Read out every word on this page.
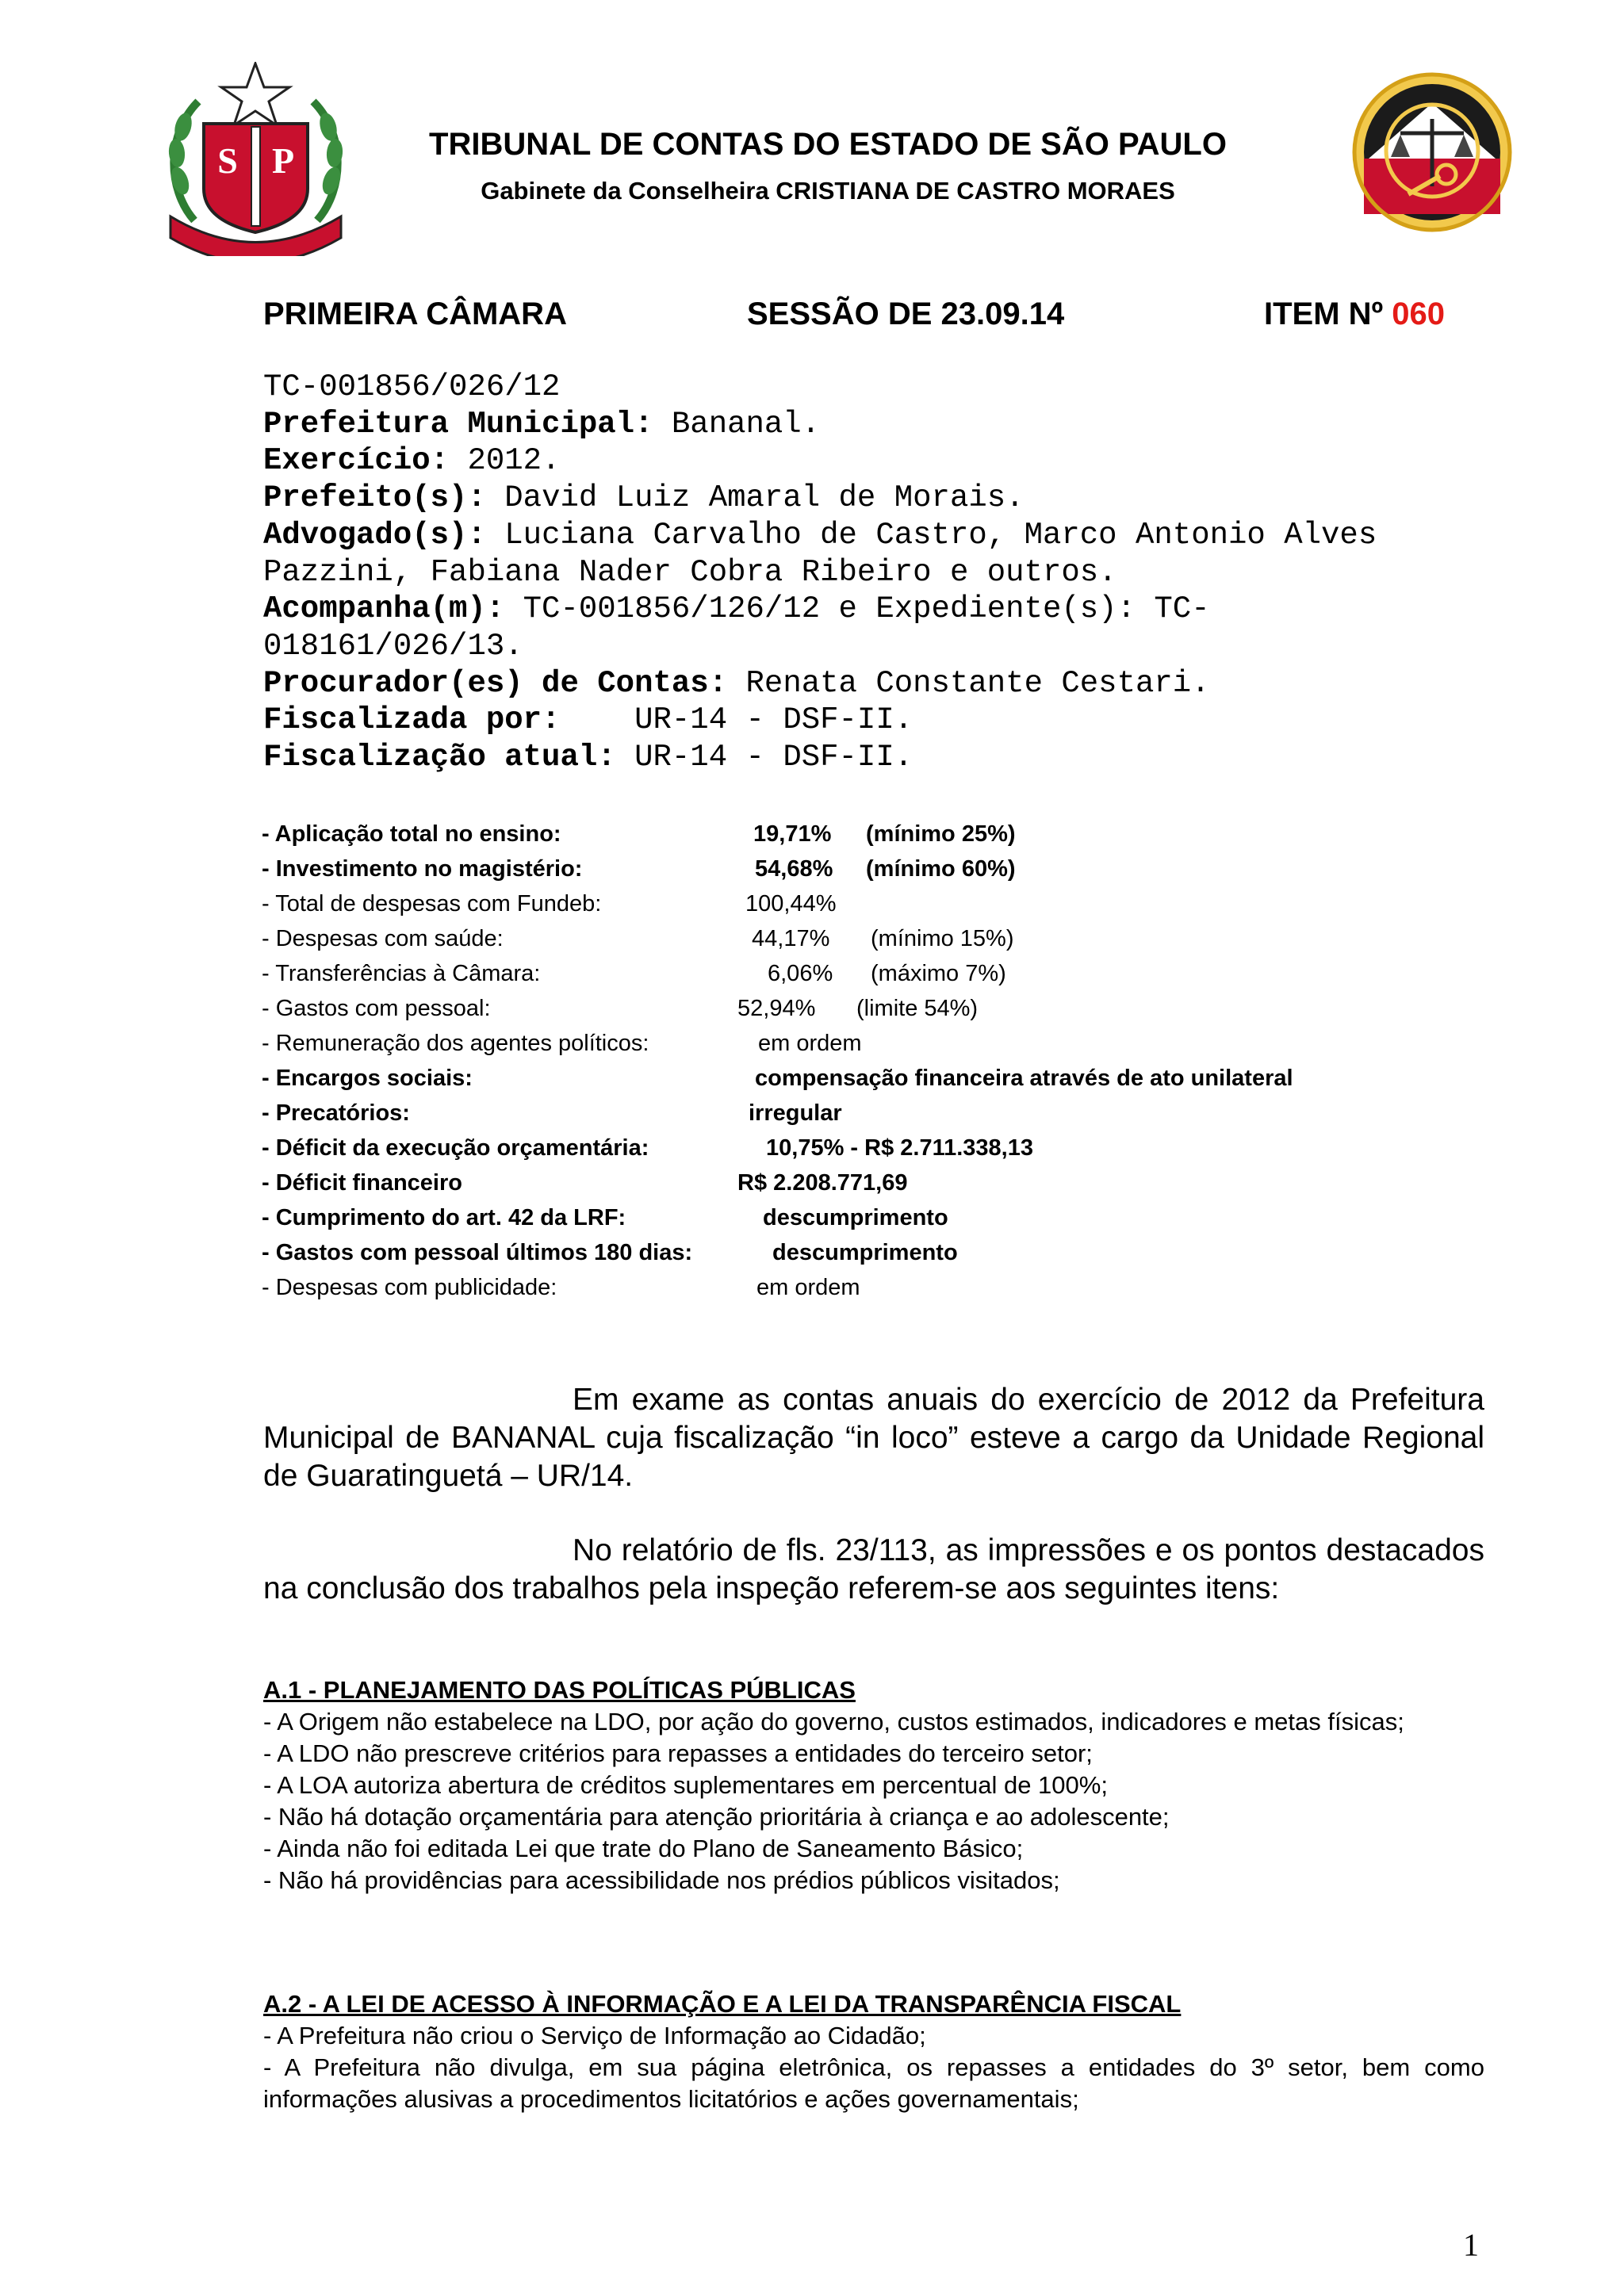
S P	TRIBUNAL DE CONTAS DO ESTADO DE SÃO PAULO
Gabinete da Conselheira CRISTIANA DE CASTRO MORAES
PRIMEIRA CÂMARA	SESSÃO DE 23.09.14	ITEM Nº 060
TC-001856/026/12
Prefeitura Municipal: Bananal.
Exercício: 2012.
Prefeito(s): David Luiz Amaral de Morais.
Advogado(s): Luciana Carvalho de Castro, Marco Antonio Alves
Pazzini, Fabiana Nader Cobra Ribeiro e outros.
Acompanha(m): TC-001856/126/12 e Expediente(s): TC-
018161/026/13.
Procurador(es) de Contas: Renata Constante Cestari.
Fiscalizada por:    UR-14 - DSF-II.
Fiscalização atual: UR-14 - DSF-II.
- Aplicação total no ensino:	19,71% (mínimo 25%)
- Investimento no magistério:	54,68% (mínimo 60%)
- Total de despesas com Fundeb:	100,44%
- Despesas com saúde:	44,17% (mínimo 15%)
- Transferências à Câmara:	6,06% (máximo 7%)
- Gastos com pessoal:	52,94% (limite 54%)
- Remuneração dos agentes políticos:	em ordem
- Encargos sociais:	compensação financeira através de ato unilateral
- Precatórios:	irregular
- Déficit da execução orçamentária:	10,75% - R$ 2.711.338,13
- Déficit financeiro	R$ 2.208.771,69
- Cumprimento do art. 42 da LRF:	descumprimento
- Gastos com pessoal últimos 180 dias:	descumprimento
- Despesas com publicidade:	em ordem
Em exame as contas anuais do exercício de 2012 da Prefeitura Municipal de BANANAL cuja fiscalização “in loco” esteve a cargo da Unidade Regional de Guaratinguetá – UR/14.
No relatório de fls. 23/113, as impressões e os pontos destacados na conclusão dos trabalhos pela inspeção referem-se aos seguintes itens:
A.1 - PLANEJAMENTO DAS POLÍTICAS PÚBLICAS
- A Origem não estabelece na LDO, por ação do governo, custos estimados, indicadores e metas físicas;
- A LDO não prescreve critérios para repasses a entidades do terceiro setor;
- A LOA autoriza abertura de créditos suplementares em percentual de 100%;
- Não há dotação orçamentária para atenção prioritária à criança e ao adolescente;
- Ainda não foi editada Lei que trate do Plano de Saneamento Básico;
- Não há providências para acessibilidade nos prédios públicos visitados;
A.2 - A LEI DE ACESSO À INFORMAÇÃO E A LEI DA TRANSPARÊNCIA FISCAL
- A Prefeitura não criou o Serviço de Informação ao Cidadão;
- A Prefeitura não divulga, em sua página eletrônica, os repasses a entidades do 3º setor, bem como informações alusivas a procedimentos licitatórios e ações governamentais;
1
